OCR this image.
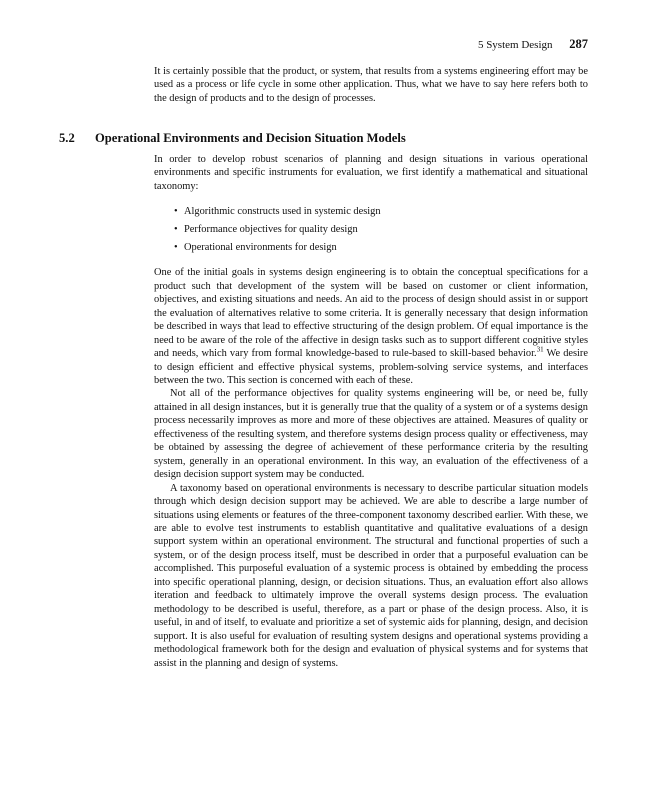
5 System Design 287

It is certainly possible that the product, or system, that results from a systems engineering effort may be used as a process or life cycle in some other application. Thus, what we have to say here refers both to the design of products and to the design of processes.

5.2 Operational Environments and Decision Situation Models

In order to develop robust scenarios of planning and design situations in various operational environments and specific instruments for evaluation, we first identify a mathematical and situational taxonomy:

• Algorithmic constructs used in systemic design
• Performance objectives for quality design
• Operational environments for design

One of the initial goals in systems design engineering is to obtain the conceptual specifications for a product such that development of the system will be based on customer or client information, objectives, and existing situations and needs. An aid to the process of design should assist in or support the evaluation of alternatives relative to some criteria. It is generally necessary that design information be described in ways that lead to effective structuring of the design problem. Of equal importance is the need to be aware of the role of the affective in design tasks such as to support different cognitive styles and needs, which vary from formal knowledge-based to rule-based to skill-based behavior.$^{31}$ We desire to design efficient and effective physical systems, problem-solving service systems, and interfaces between the two. This section is concerned with each of these.

Not all of the performance objectives for quality systems engineering will be, or need be, fully attained in all design instances, but it is generally true that the quality of a system or of a systems design process necessarily improves as more and more of these objectives are attained. Measures of quality or effectiveness of the resulting system, and therefore systems design process quality or effectiveness, may be obtained by assessing the degree of achievement of these performance criteria by the resulting system, generally in an operational environment. In this way, an evaluation of the effectiveness of a design decision support system may be conducted.

A taxonomy based on operational environments is necessary to describe particular situation models through which design decision support may be achieved. We are able to describe a large number of situations using elements or features of the three-component taxonomy described earlier. With these, we are able to evolve test instruments to establish quantitative and qualitative evaluations of a design support system within an operational environment. The structural and functional properties of such a system, or of the design process itself, must be described in order that a purposeful evaluation can be accomplished. This purposeful evaluation of a systemic process is obtained by embedding the process into specific operational planning, design, or decision situations. Thus, an evaluation effort also allows iteration and feedback to ultimately improve the overall systems design process. The evaluation methodology to be described is useful, therefore, as a part or phase of the design process. Also, it is useful, in and of itself, to evaluate and prioritize a set of systemic aids for planning, design, and decision support. It is also useful for evaluation of resulting system designs and operational systems providing a methodological framework both for the design and evaluation of physical systems and for systems that assist in the planning and design of systems.
